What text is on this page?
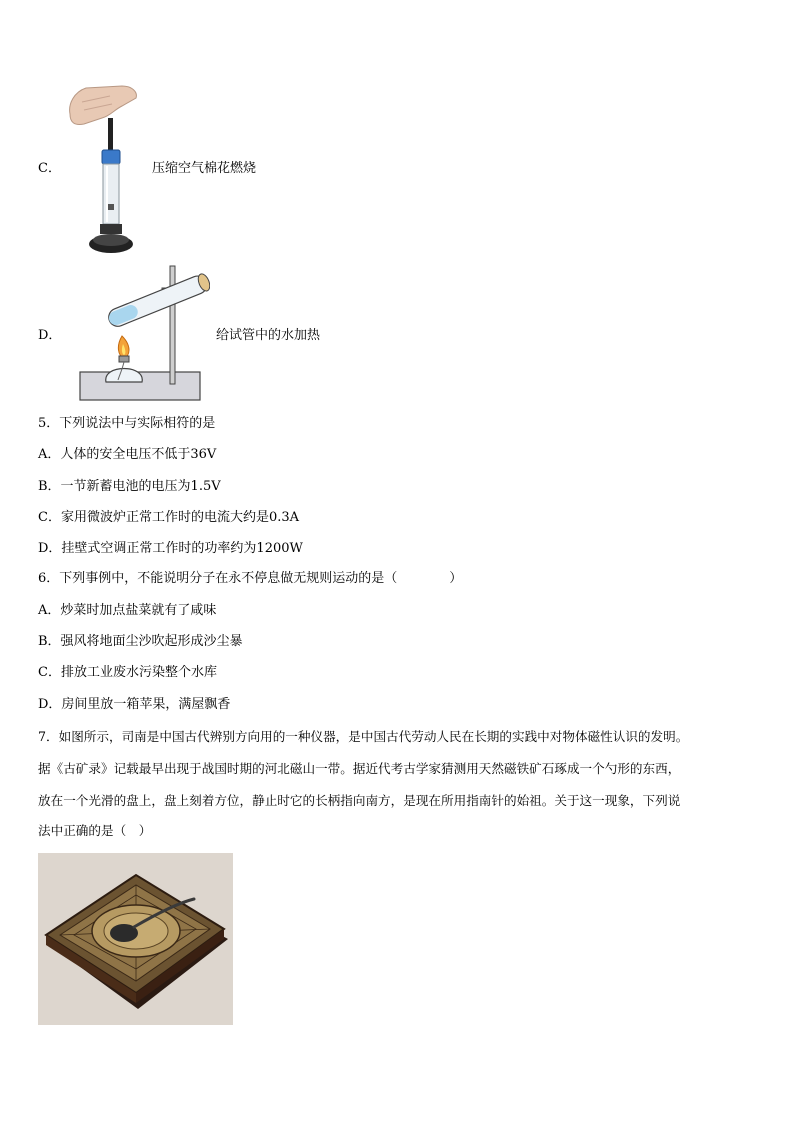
C．	压缩空气棉花燃烧
D．	给试管中的水加热
5．下列说法中与实际相符的是
A．人体的安全电压不低于36V
B．一节新蓄电池的电压为1.5V
C．家用微波炉正常工作时的电流大约是0.3A
D．挂壁式空调正常工作时的功率约为1200W
6．下列事例中，不能说明分子在永不停息做无规则运动的是（　　　　）
A．炒菜时加点盐菜就有了咸味
B．强风将地面尘沙吹起形成沙尘暴
C．排放工业废水污染整个水库
D．房间里放一箱苹果，满屋飘香
7．如图所示，司南是中国古代辨别方向用的一种仪器，是中国古代劳动人民在长期的实践中对物体磁性认识的发明。
据《古矿录》记载最早出现于战国时期的河北磁山一带。据近代考古学家猜测用天然磁铁矿石琢成一个勺形的东西，
放在一个光滑的盘上，盘上刻着方位，静止时它的长柄指向南方，是现在所用指南针的始祖。关于这一现象，下列说
法中正确的是（　）
